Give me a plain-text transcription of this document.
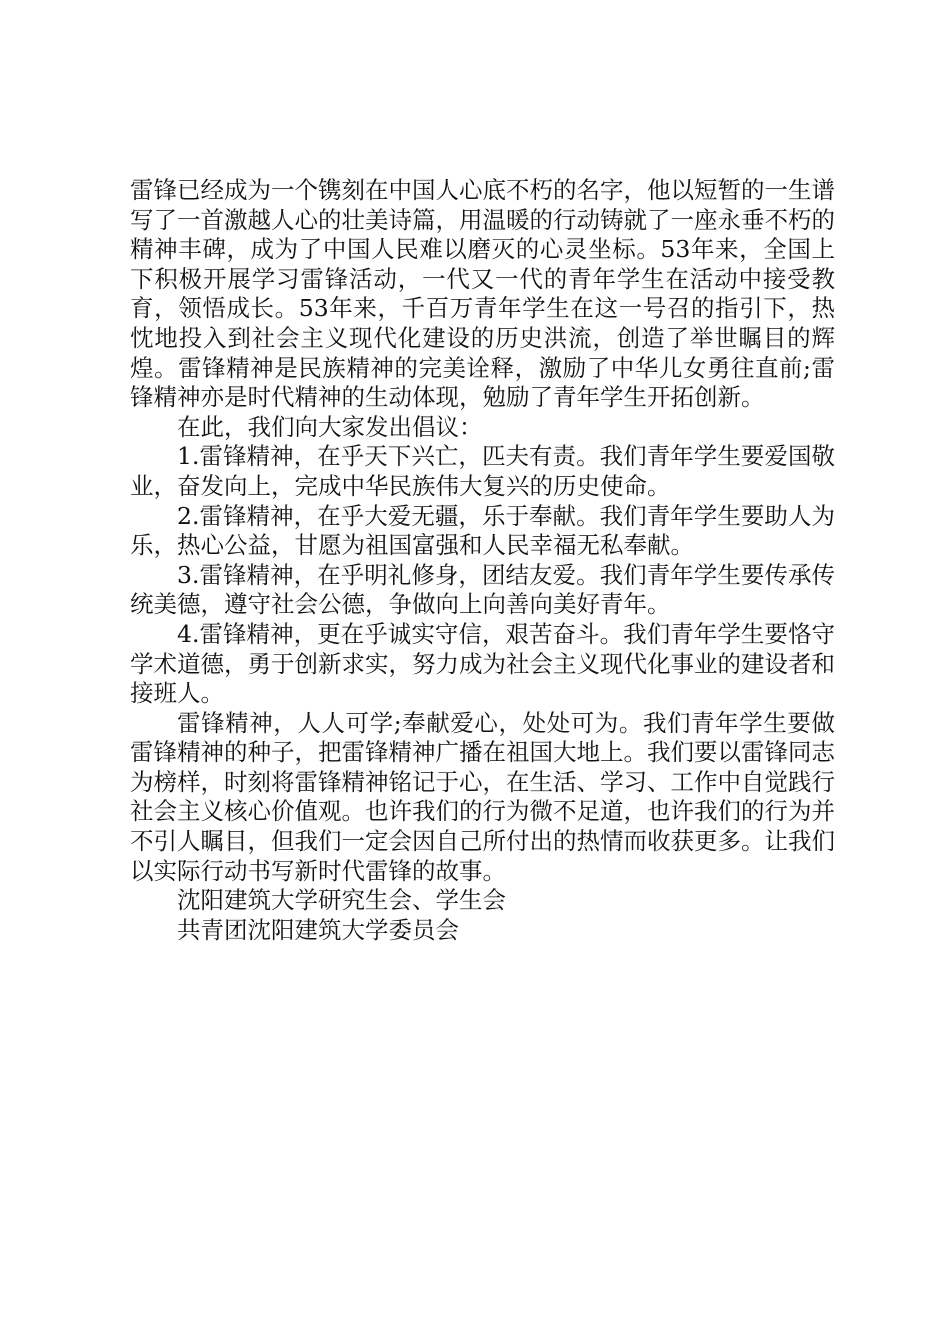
雷锋已经成为一个镌刻在中国人心底不朽的名字，他以短暂的一生谱写了一首激越人心的壮美诗篇，用温暖的行动铸就了一座永垂不朽的精神丰碑，成为了中国人民难以磨灭的心灵坐标。53年来，全国上下积极开展学习雷锋活动，一代又一代的青年学生在活动中接受教育，领悟成长。53年来，千百万青年学生在这一号召的指引下，热忱地投入到社会主义现代化建设的历史洪流，创造了举世瞩目的辉煌。雷锋精神是民族精神的完美诠释，激励了中华儿女勇往直前;雷锋精神亦是时代精神的生动体现，勉励了青年学生开拓创新。

在此，我们向大家发出倡议：

1.雷锋精神，在乎天下兴亡，匹夫有责。我们青年学生要爱国敬业，奋发向上，完成中华民族伟大复兴的历史使命。

2.雷锋精神，在乎大爱无疆，乐于奉献。我们青年学生要助人为乐，热心公益，甘愿为祖国富强和人民幸福无私奉献。

3.雷锋精神，在乎明礼修身，团结友爱。我们青年学生要传承传统美德，遵守社会公德，争做向上向善向美好青年。

4.雷锋精神，更在乎诚实守信，艰苦奋斗。我们青年学生要恪守学术道德，勇于创新求实，努力成为社会主义现代化事业的建设者和接班人。

雷锋精神，人人可学;奉献爱心，处处可为。我们青年学生要做雷锋精神的种子，把雷锋精神广播在祖国大地上。我们要以雷锋同志为榜样，时刻将雷锋精神铭记于心，在生活、学习、工作中自觉践行社会主义核心价值观。也许我们的行为微不足道，也许我们的行为并不引人瞩目，但我们一定会因自己所付出的热情而收获更多。让我们以实际行动书写新时代雷锋的故事。

沈阳建筑大学研究生会、学生会

共青团沈阳建筑大学委员会
